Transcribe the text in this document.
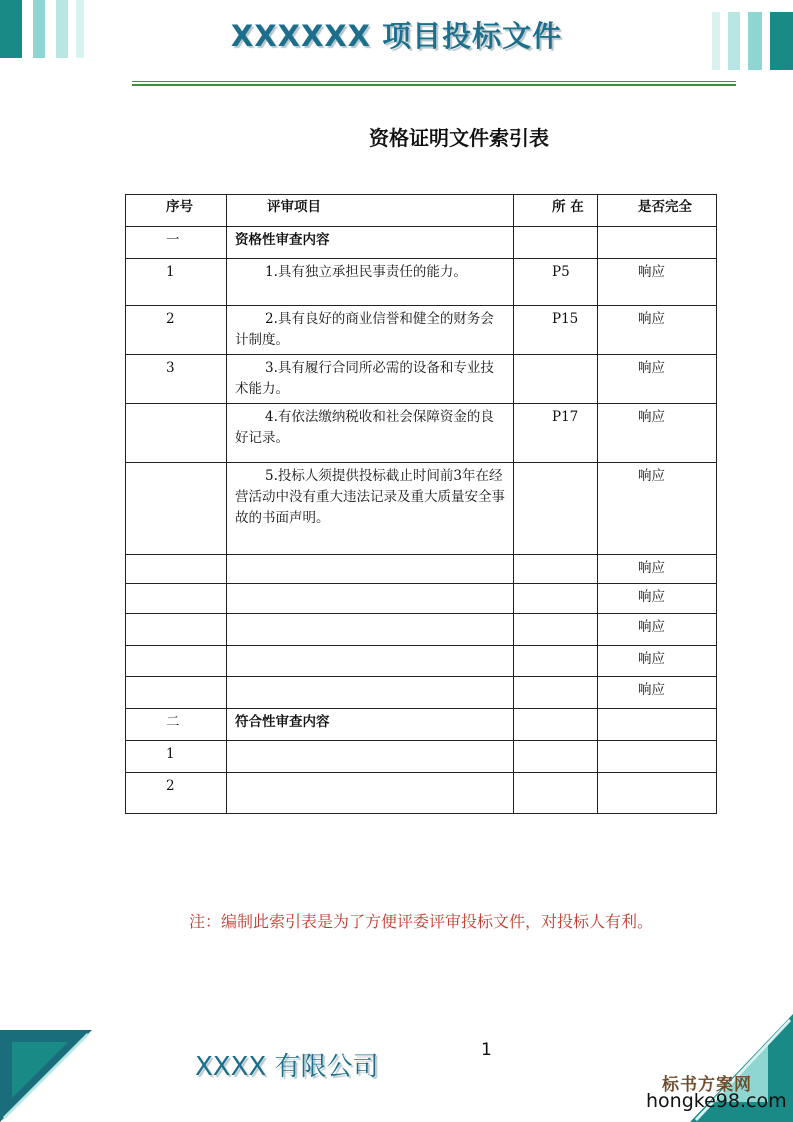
XXXXXX 项目投标文件
资格证明文件索引表
序号	评审项目	所 在	是否完全
一	资格性审查内容		
1	1.具有独立承担民事责任的能力。	P5	响应
2	2.具有良好的商业信誉和健全的财务会计制度。	P15	响应
3	3.具有履行合同所必需的设备和专业技术能力。		响应
	4.有依法缴纳税收和社会保障资金的良好记录。	P17	响应
	5.投标人须提供投标截止时间前3年在经营活动中没有重大违法记录及重大质量安全事故的书面声明。		响应
			响应
			响应
			响应
			响应
			响应
二	符合性审查内容		
1			
2			
注：编制此索引表是为了方便评委评审投标文件，对投标人有利。
XXXX 有限公司
1
标书方案网
hongke98.com
